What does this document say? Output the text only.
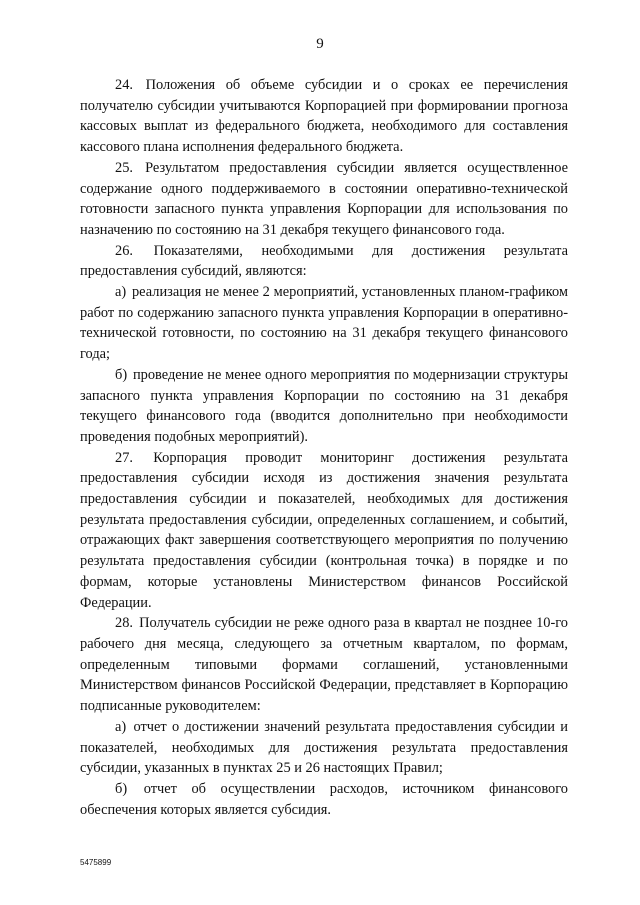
9

24. Положения об объеме субсидии и о сроках ее перечисления получателю субсидии учитываются Корпорацией при формировании прогноза кассовых выплат из федерального бюджета, необходимого для составления кассового плана исполнения федерального бюджета.

25. Результатом предоставления субсидии является осуществленное содержание одного поддерживаемого в состоянии оперативно-технической готовности запасного пункта управления Корпорации для использования по назначению по состоянию на 31 декабря текущего финансового года.

26. Показателями, необходимыми для достижения результата предоставления субсидий, являются:

а) реализация не менее 2 мероприятий, установленных планом-графиком работ по содержанию запасного пункта управления Корпорации в оперативно-технической готовности, по состоянию на 31 декабря текущего финансового года;

б) проведение не менее одного мероприятия по модернизации структуры запасного пункта управления Корпорации по состоянию на 31 декабря текущего финансового года (вводится дополнительно при необходимости проведения подобных мероприятий).

27. Корпорация проводит мониторинг достижения результата предоставления субсидии исходя из достижения значения результата предоставления субсидии и показателей, необходимых для достижения результата предоставления субсидии, определенных соглашением, и событий, отражающих факт завершения соответствующего мероприятия по получению результата предоставления субсидии (контрольная точка) в порядке и по формам, которые установлены Министерством финансов Российской Федерации.

28. Получатель субсидии не реже одного раза в квартал не позднее 10-го рабочего дня месяца, следующего за отчетным кварталом, по формам, определенным типовыми формами соглашений, установленными Министерством финансов Российской Федерации, представляет в Корпорацию подписанные руководителем:

а) отчет о достижении значений результата предоставления субсидии и показателей, необходимых для достижения результата предоставления субсидии, указанных в пунктах 25 и 26 настоящих Правил;

б) отчет об осуществлении расходов, источником финансового обеспечения которых является субсидия.

5475899
